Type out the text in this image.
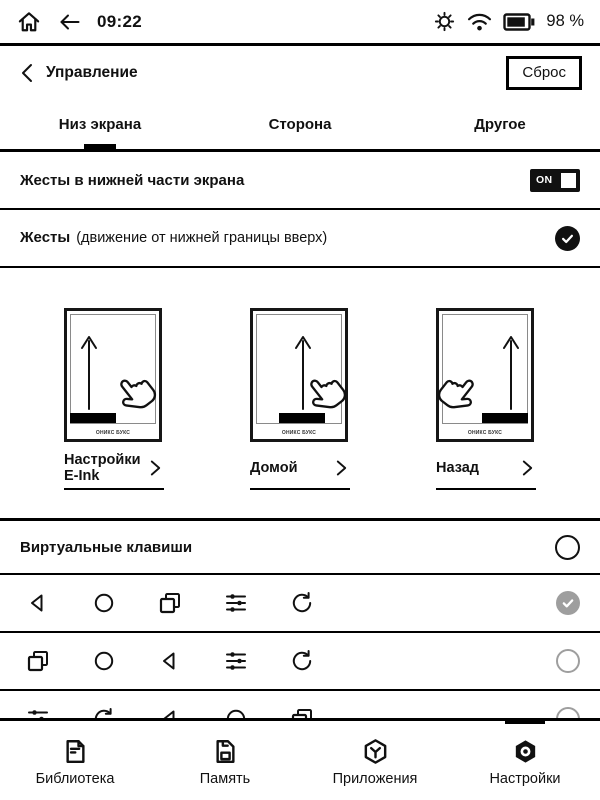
09:22	98 %
Управление	Сброс
Низ экрана	Сторона	Другое
Жесты в нижней части экрана	ON
Жесты (движение от нижней границы вверх)
ОНИКС БУКС
Настройки E-Ink
ОНИКС БУКС
Домой
ОНИКС БУКС
Назад
Виртуальные клавиши
Библиотека	Память	Приложения	Настройки
